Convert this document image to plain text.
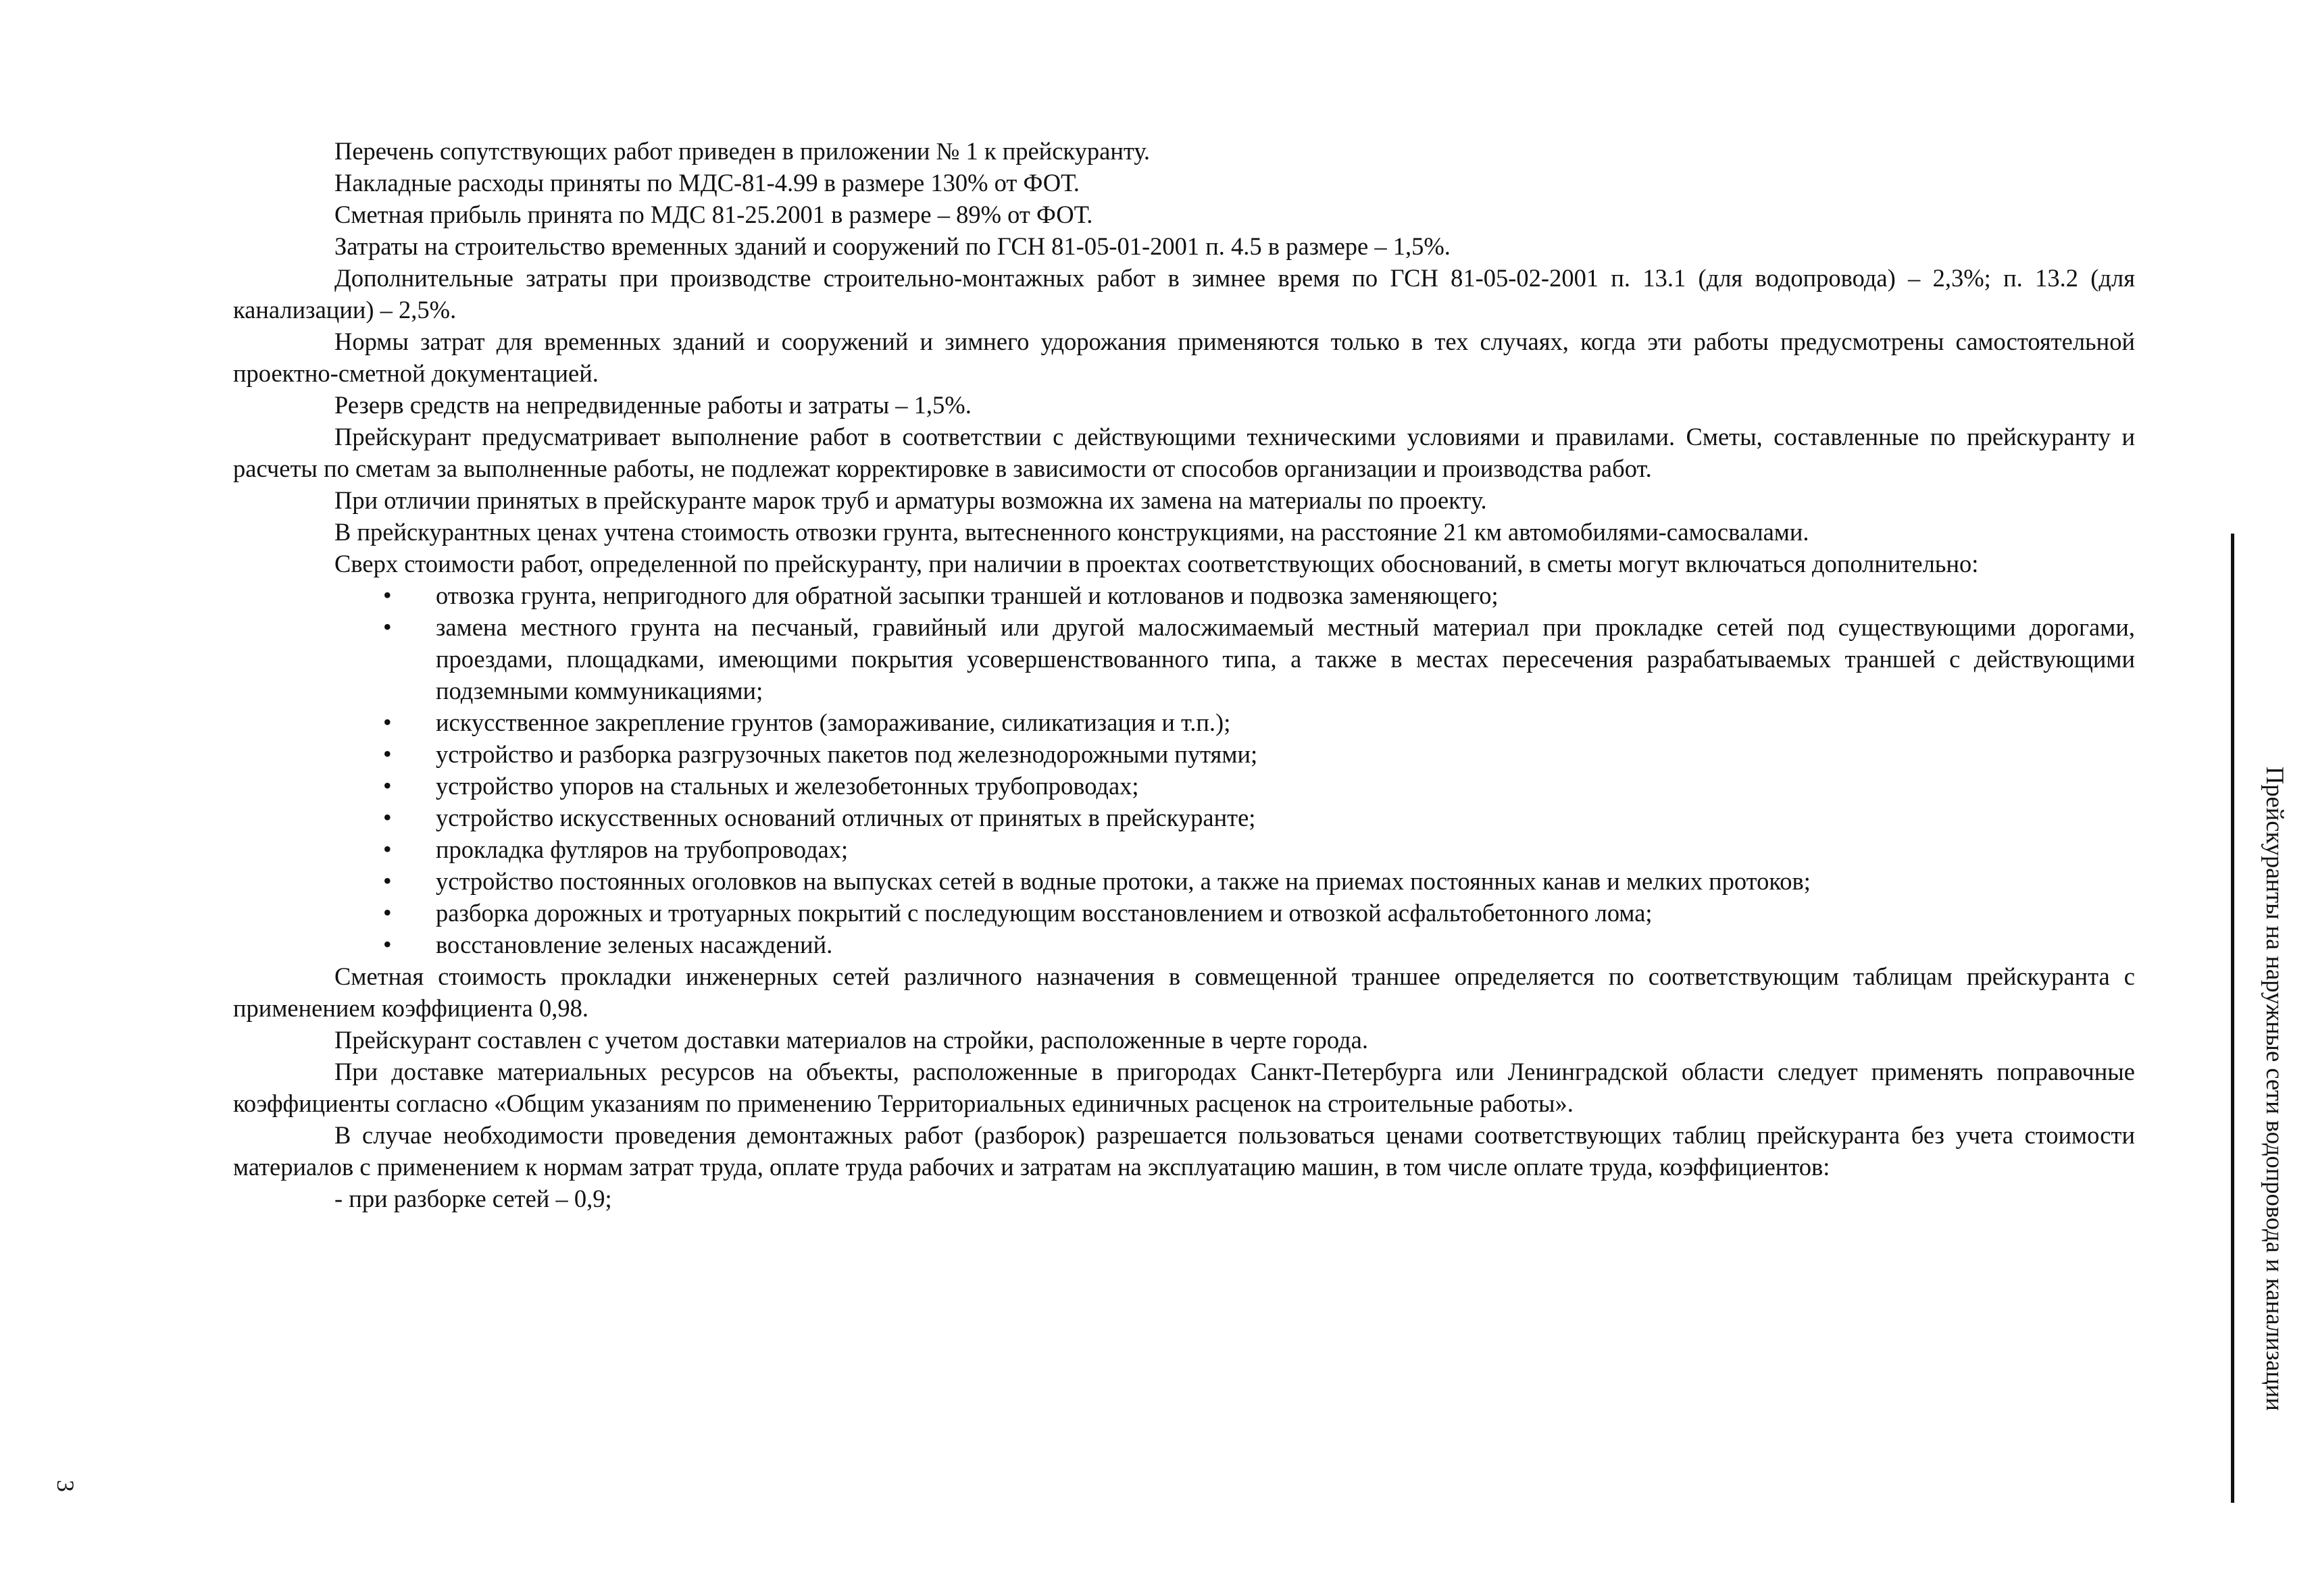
Перечень сопутствующих работ приведен в приложении № 1 к прейскуранту.

Накладные расходы приняты по МДС-81-4.99 в размере 130% от ФОТ.

Сметная прибыль принята по МДС 81-25.2001 в размере – 89% от ФОТ.

Затраты на строительство временных зданий и сооружений по ГСН 81-05-01-2001 п. 4.5 в размере – 1,5%.

Дополнительные затраты при производстве строительно-монтажных работ в зимнее время по ГСН 81-05-02-2001 п. 13.1 (для водопровода) – 2,3%; п. 13.2 (для канализации) – 2,5%.

Нормы затрат для временных зданий и сооружений и зимнего удорожания применяются только в тех случаях, когда эти работы предусмотрены самостоятельной проектно-сметной документацией.

Резерв средств на непредвиденные работы и затраты – 1,5%.

Прейскурант предусматривает выполнение работ в соответствии с действующими техническими условиями и правилами. Сметы, составленные по прейскуранту и расчеты по сметам за выполненные работы, не подлежат корректировке в зависимости от способов организации и производства работ.

При отличии принятых в прейскуранте марок труб и арматуры возможна их замена на материалы по проекту.

В прейскурантных ценах учтена стоимость отвозки грунта, вытесненного конструкциями, на расстояние 21 км автомобилями-самосвалами.

Сверх стоимости работ, определенной по прейскуранту, при наличии в проектах соответствующих обоснований, в сметы могут включаться дополнительно:

• отвозка грунта, непригодного для обратной засыпки траншей и котлованов и подвозка заменяющего;
• замена местного грунта на песчаный, гравийный или другой малосжимаемый местный материал при прокладке сетей под существующими дорогами, проездами, площадками, имеющими покрытия усовершенствованного типа, а также в местах пересечения разрабатываемых траншей с действующими подземными коммуникациями;
• искусственное закрепление грунтов (замораживание, силикатизация и т.п.);
• устройство и разборка разгрузочных пакетов под железнодорожными путями;
• устройство упоров на стальных и железобетонных трубопроводах;
• устройство искусственных оснований отличных от принятых в прейскуранте;
• прокладка футляров на трубопроводах;
• устройство постоянных оголовков на выпусках сетей в водные протоки, а также на приемах постоянных канав и мелких протоков;
• разборка дорожных и тротуарных покрытий с последующим восстановлением и отвозкой асфальтобетонного лома;
• восстановление зеленых насаждений.

Сметная стоимость прокладки инженерных сетей различного назначения в совмещенной траншее определяется по соответствующим таблицам прейскуранта с применением коэффициента 0,98.

Прейскурант составлен с учетом доставки материалов на стройки, расположенные в черте города.

При доставке материальных ресурсов на объекты, расположенные в пригородах Санкт-Петербурга или Ленинградской области следует применять поправочные коэффициенты согласно «Общим указаниям по применению Территориальных единичных расценок на строительные работы».

В случае необходимости проведения демонтажных работ (разборок) разрешается пользоваться ценами соответствующих таблиц прейскуранта без учета стоимости материалов с применением к нормам затрат труда, оплате труда рабочих и затратам на эксплуатацию машин, в том числе оплате труда, коэффициентов:

- при разборке сетей – 0,9;	Прейскуранты на наружные сети водопровода и канализации
3
